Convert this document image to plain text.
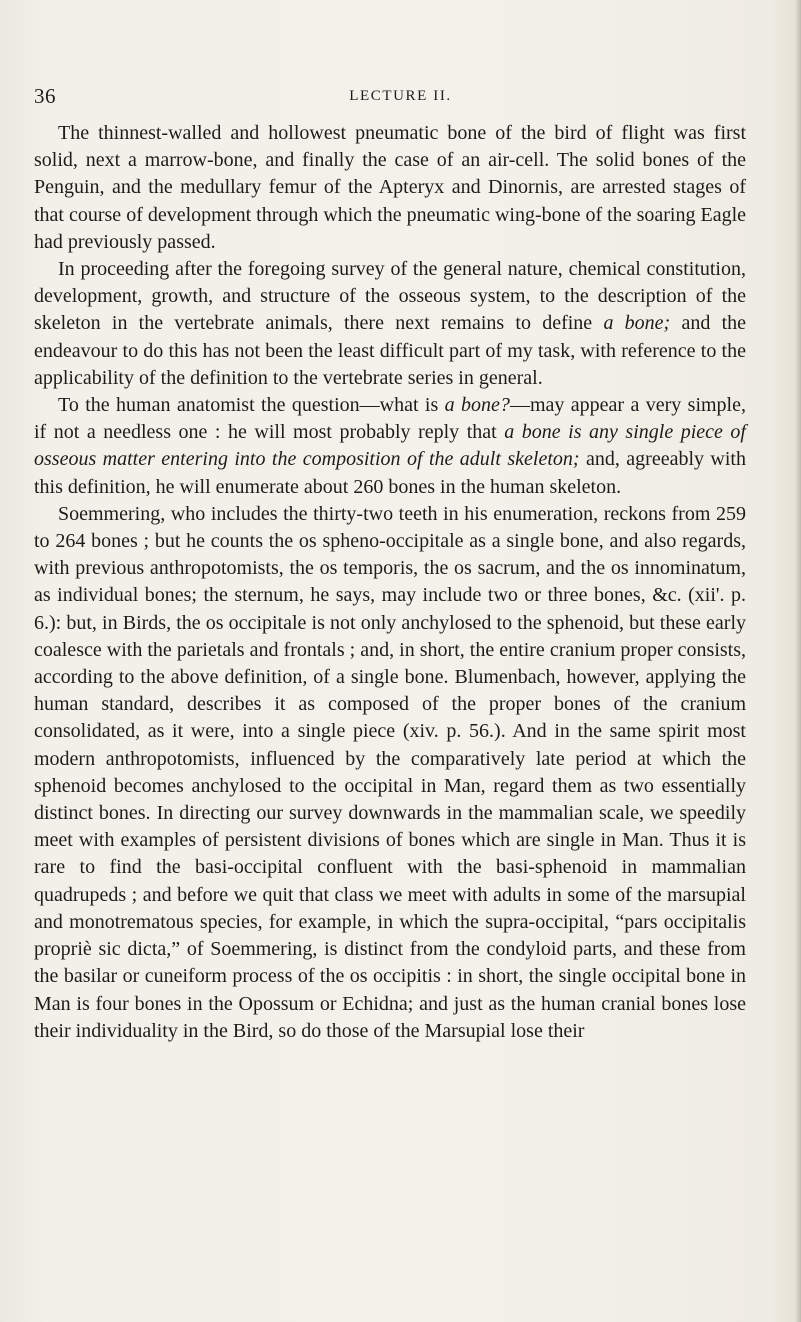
36	LECTURE II.

The thinnest-walled and hollowest pneumatic bone of the bird of flight was first solid, next a marrow-bone, and finally the case of an air-cell. The solid bones of the Penguin, and the medullary femur of the Apteryx and Dinornis, are arrested stages of that course of development through which the pneumatic wing-bone of the soaring Eagle had previously passed.

In proceeding after the foregoing survey of the general nature, chemical constitution, development, growth, and structure of the osseous system, to the description of the skeleton in the vertebrate animals, there next remains to define a bone; and the endeavour to do this has not been the least difficult part of my task, with reference to the applicability of the definition to the vertebrate series in general.

To the human anatomist the question—what is a bone?—may appear a very simple, if not a needless one : he will most probably reply that a bone is any single piece of osseous matter entering into the composition of the adult skeleton; and, agreeably with this definition, he will enumerate about 260 bones in the human skeleton.

Soemmering, who includes the thirty-two teeth in his enumeration, reckons from 259 to 264 bones ; but he counts the os spheno-occipitale as a single bone, and also regards, with previous anthropotomists, the os temporis, the os sacrum, and the os innominatum, as individual bones; the sternum, he says, may include two or three bones, &c. (xii'. p. 6.): but, in Birds, the os occipitale is not only anchylosed to the sphenoid, but these early coalesce with the parietals and frontals ; and, in short, the entire cranium proper consists, according to the above definition, of a single bone. Blumenbach, however, applying the human standard, describes it as composed of the proper bones of the cranium consolidated, as it were, into a single piece (xiv. p. 56.). And in the same spirit most modern anthropotomists, influenced by the comparatively late period at which the sphenoid becomes anchylosed to the occipital in Man, regard them as two essentially distinct bones. In directing our survey downwards in the mammalian scale, we speedily meet with examples of persistent divisions of bones which are single in Man. Thus it is rare to find the basi-occipital confluent with the basi-sphenoid in mammalian quadrupeds ; and before we quit that class we meet with adults in some of the marsupial and monotrematous species, for example, in which the supra-occipital, “pars occipitalis propriè sic dicta,” of Soemmering, is distinct from the condyloid parts, and these from the basilar or cuneiform process of the os occipitis : in short, the single occipital bone in Man is four bones in the Opossum or Echidna; and just as the human cranial bones lose their individuality in the Bird, so do those of the Marsupial lose their
